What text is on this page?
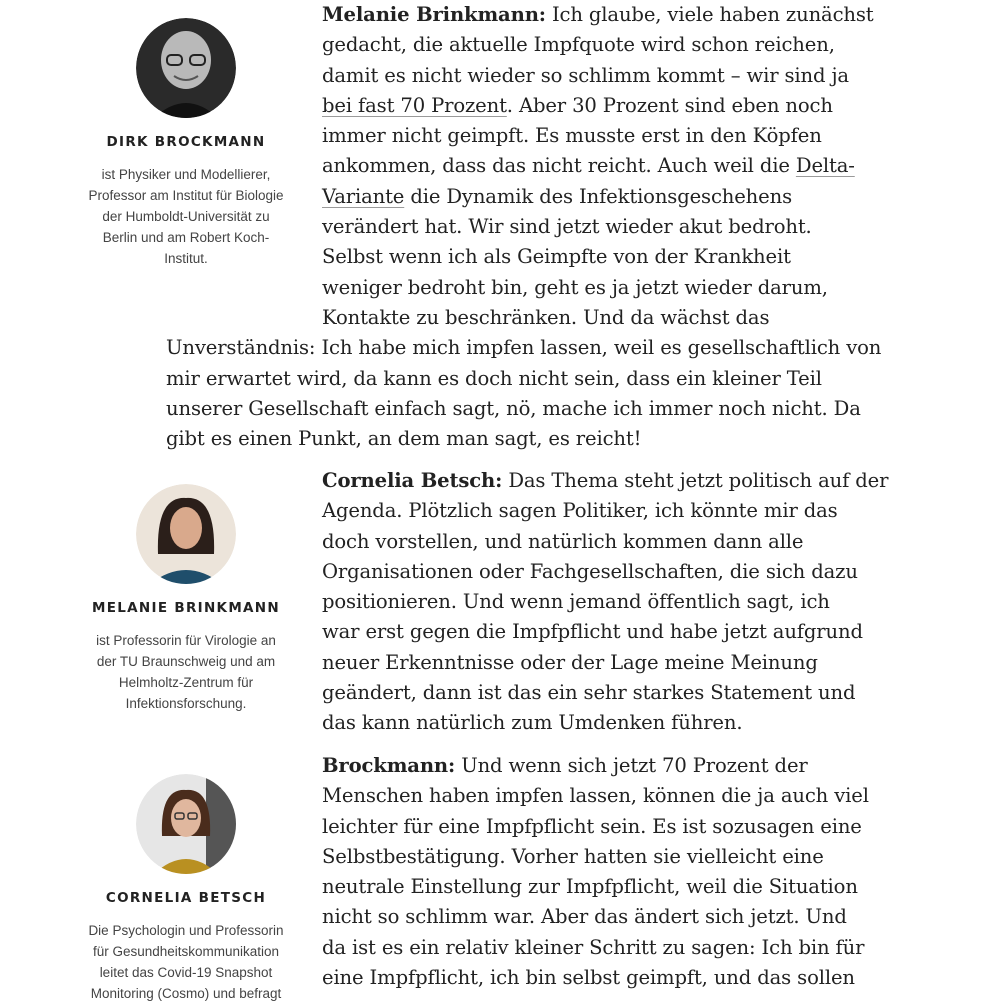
DIRK BROCKMANN
ist Physiker und Modellierer,
Professor am Institut für Biologie
der Humboldt-Universität zu
Berlin und am Robert Koch-
Institut.
MELANIE BRINKMANN
ist Professorin für Virologie an
der TU Braunschweig und am
Helmholtz-Zentrum für
Infektionsforschung.
CORNELIA BETSCH
Die Psychologin und Professorin
für Gesundheitskommunikation
leitet das Covid-19 Snapshot
Monitoring (Cosmo) und befragt
Melanie Brinkmann: Ich glaube, viele haben zunächst
gedacht, die aktuelle Impfquote wird schon reichen,
damit es nicht wieder so schlimm kommt – wir sind ja
bei fast 70 Prozent. Aber 30 Prozent sind eben noch
immer nicht geimpft. Es musste erst in den Köpfen
ankommen, dass das nicht reicht. Auch weil die Delta-
Variante die Dynamik des Infektionsgeschehens
verändert hat. Wir sind jetzt wieder akut bedroht.
Selbst wenn ich als Geimpfte von der Krankheit
weniger bedroht bin, geht es ja jetzt wieder darum,
Kontakte zu beschränken. Und da wächst das
Unverständnis: Ich habe mich impfen lassen, weil es gesellschaftlich von
mir erwartet wird, da kann es doch nicht sein, dass ein kleiner Teil
unserer Gesellschaft einfach sagt, nö, mache ich immer noch nicht. Da
gibt es einen Punkt, an dem man sagt, es reicht!
Cornelia Betsch: Das Thema steht jetzt politisch auf der
Agenda. Plötzlich sagen Politiker, ich könnte mir das
doch vorstellen, und natürlich kommen dann alle
Organisationen oder Fachgesellschaften, die sich dazu
positionieren. Und wenn jemand öffentlich sagt, ich
war erst gegen die Impfpflicht und habe jetzt aufgrund
neuer Erkenntnisse oder der Lage meine Meinung
geändert, dann ist das ein sehr starkes Statement und
das kann natürlich zum Umdenken führen.
Brockmann: Und wenn sich jetzt 70 Prozent der
Menschen haben impfen lassen, können die ja auch viel
leichter für eine Impfpflicht sein. Es ist sozusagen eine
Selbstbestätigung. Vorher hatten sie vielleicht eine
neutrale Einstellung zur Impfpflicht, weil die Situation
nicht so schlimm war. Aber das ändert sich jetzt. Und
da ist es ein relativ kleiner Schritt zu sagen: Ich bin für
eine Impfpflicht, ich bin selbst geimpft, und das sollen
